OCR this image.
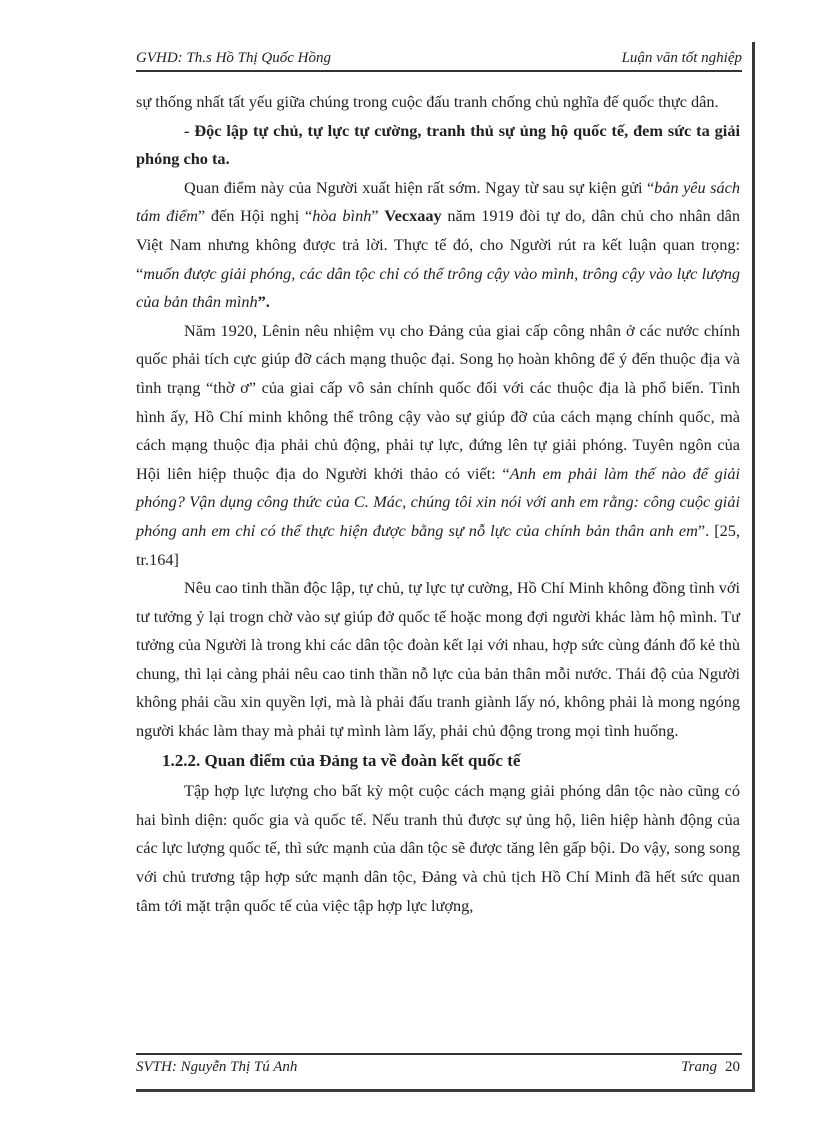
GVHD: Th.s Hồ Thị Quốc Hồng	Luận văn tốt nghiệp

sự thống nhất tất yếu giữa chúng trong cuộc đấu tranh chống chủ nghĩa đế quốc thực dân.

- Độc lập tự chủ, tự lực tự cường, tranh thủ sự ủng hộ quốc tế, đem sức ta giải phóng cho ta.

Quan điểm này của Người xuất hiện rất sớm. Ngay từ sau sự kiện gửi “bản yêu sách tám điểm” đến Hội nghị “hòa bình” Vecxaay năm 1919 đòi tự do, dân chủ cho nhân dân Việt Nam nhưng không được trả lời. Thực tế đó, cho Người rút ra kết luận quan trọng: “muốn được giải phóng, các dân tộc chỉ có thể trông cậy vào mình, trông cậy vào lực lượng của bản thân mình”.

Năm 1920, Lênin nêu nhiệm vụ cho Đảng của giai cấp công nhân ở các nước chính quốc phải tích cực giúp đỡ cách mạng thuộc đại. Song họ hoàn không để ý đến thuộc địa và tình trạng “thờ ơ” của giai cấp vô sản chính quốc đối với các thuộc địa là phổ biến. Tình hình ấy, Hồ Chí minh không thể trông cậy vào sự giúp đỡ của cách mạng chính quốc, mà cách mạng thuộc địa phải chủ động, phải tự lực, đứng lên tự giải phóng. Tuyên ngôn của Hội liên hiệp thuộc địa do Người khởi thảo có viết: “Anh em phải làm thế nào để giải phóng? Vận dụng công thức của C. Mác, chúng tôi xin nói với anh em rằng: công cuộc giải phóng anh em chỉ có thể thực hiện được bằng sự nỗ lực của chính bản thân anh em”. [25, tr.164]

Nêu cao tinh thần độc lập, tự chủ, tự lực tự cường, Hồ Chí Minh không đồng tình với tư tưởng ỷ lại trogn chờ vào sự giúp đở quốc tế hoặc mong đợi người khác làm hộ mình. Tư tưởng của Người là trong khi các dân tộc đoàn kết lại với nhau, hợp sức cùng đánh đổ kẻ thù chung, thì lại càng phải nêu cao tinh thần nỗ lực của bản thân mỗi nước. Thái độ của Người không phải cầu xin quyền lợi, mà là phải đấu tranh giành lấy nó, không phải là mong ngóng người khác làm thay mà phải tự mình làm lấy, phải chủ động trong mọi tình huống.

1.2.2. Quan điểm của Đảng ta về đoàn kết quốc tế

Tập hợp lực lượng cho bất kỳ một cuộc cách mạng giải phóng dân tộc nào cũng có hai bình diện: quốc gia và quốc tế. Nếu tranh thủ được sự ủng hộ, liên hiệp hành động của các lực lượng quốc tế, thì sức mạnh của dân tộc sẽ được tăng lên gấp bội. Do vậy, song song với chủ trương tập hợp sức mạnh dân tộc, Đảng và chủ tịch Hồ Chí Minh đã hết sức quan tâm tới mặt trận quốc tế của việc tập hợp lực lượng,

SVTH: Nguyễn Thị Tú Anh	Trang 20
